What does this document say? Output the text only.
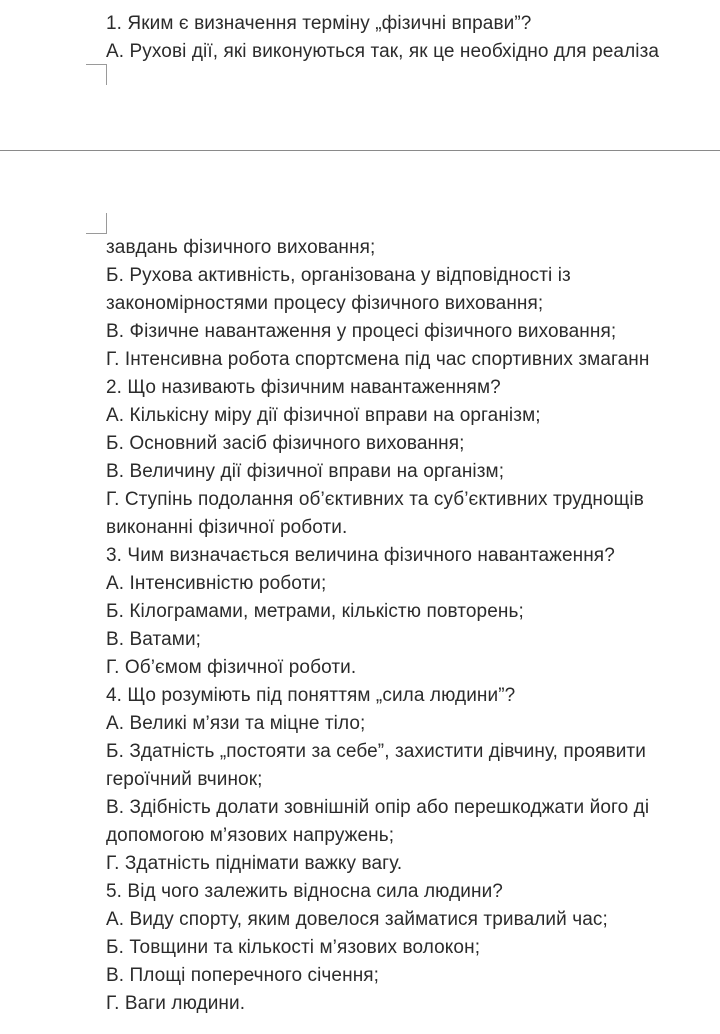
1. Яким є визначення терміну „фізичні вправи”?
А. Рухові дії, які виконуються так, як це необхідно для реаліза
завдань фізичного виховання;
Б. Рухова активність, організована у відповідності із
закономірностями процесу фізичного виховання;
В. Фізичне навантаження у процесі фізичного виховання;
Г. Інтенсивна робота спортсмена під час спортивних змаганн
2. Що називають фізичним навантаженням?
А. Кількісну міру дії фізичної вправи на організм;
Б. Основний засіб фізичного виховання;
В. Величину дії фізичної вправи на організм;
Г. Ступінь подолання об’єктивних та суб’єктивних труднощів
виконанні фізичної роботи.
3. Чим визначається величина фізичного навантаження?
А. Інтенсивністю роботи;
Б. Кілограмами, метрами, кількістю повторень;
В. Ватами;
Г. Об’ємом фізичної роботи.
4. Що розуміють під поняттям „сила людини”?
А. Великі м’язи та міцне тіло;
Б. Здатність „постояти за себе”, захистити дівчину, проявити
героїчний вчинок;
В. Здібність долати зовнішній опір або перешкоджати його ді
допомогою м’язових напружень;
Г. Здатність піднімати важку вагу.
5. Від чого залежить відносна сила людини?
А. Виду спорту, яким довелося займатися тривалий час;
Б. Товщини та кількості м’язових волокон;
В. Площі поперечного січення;
Г. Ваги людини.
